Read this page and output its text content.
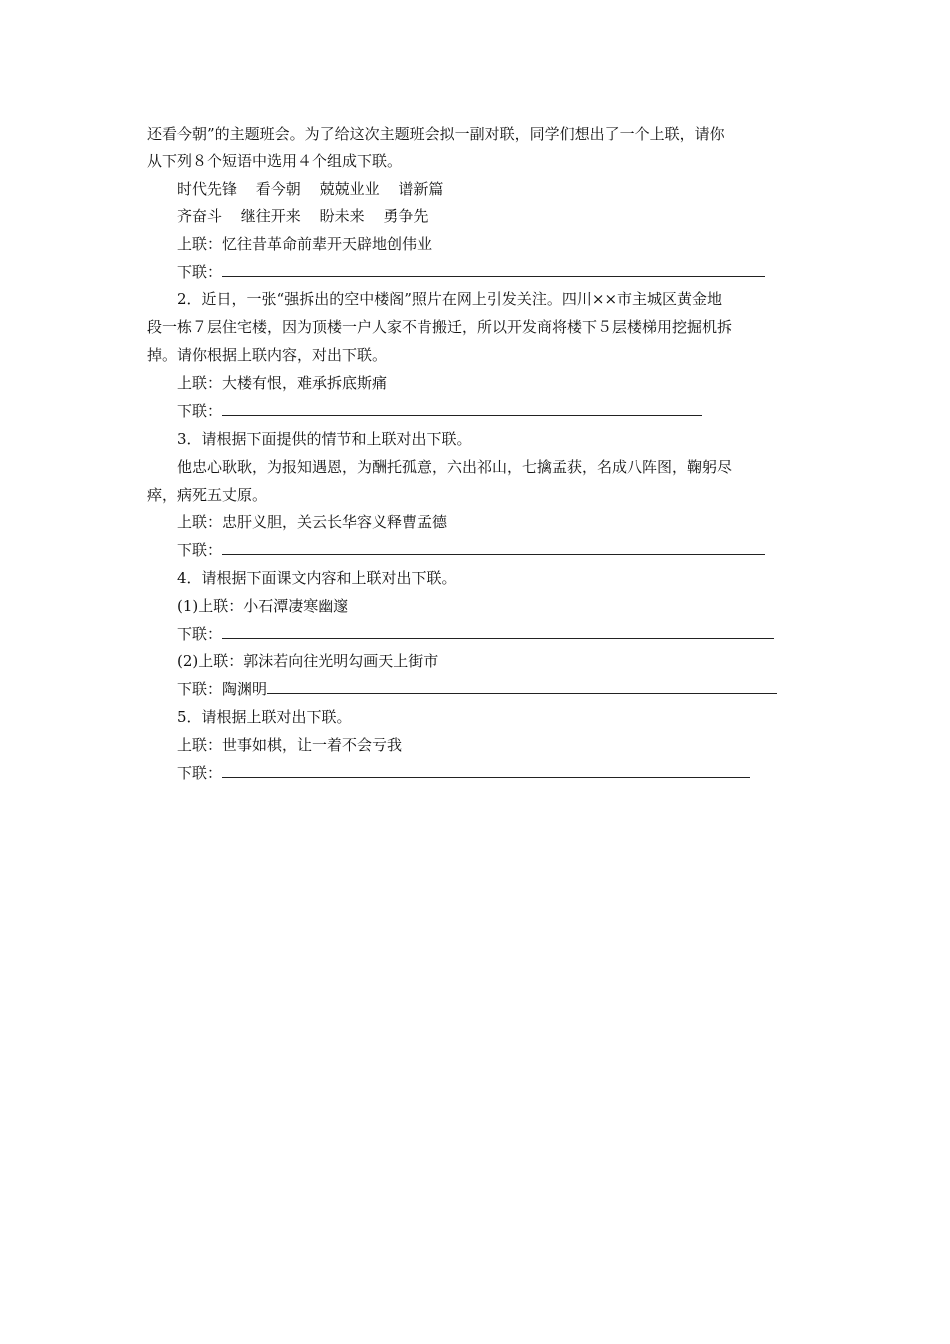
还看今朝”的主题班会。为了给这次主题班会拟一副对联，同学们想出了一个上联，请你
从下列８个短语中选用４个组成下联。
时代先锋 看今朝 兢兢业业 谱新篇
齐奋斗 继往开来 盼未来 勇争先
上联：忆往昔革命前辈开天辟地创伟业
下联：
2．近日，一张“强拆出的空中楼阁”照片在网上引发关注。四川××市主城区黄金地
段一栋７层住宅楼，因为顶楼一户人家不肯搬迁，所以开发商将楼下５层楼梯用挖掘机拆
掉。请你根据上联内容，对出下联。
上联：大楼有恨，难承拆底斯痛
下联：
3．请根据下面提供的情节和上联对出下联。
他忠心耿耿，为报知遇恩，为酬托孤意，六出祁山，七擒孟获，名成八阵图，鞠躬尽
瘁，病死五丈原。
上联：忠肝义胆，关云长华容义释曹孟德
下联：
4．请根据下面课文内容和上联对出下联。
(1)上联：小石潭凄寒幽邃
下联：
(2)上联：郭沫若向往光明勾画天上街市
下联：陶渊明
5．请根据上联对出下联。
上联：世事如棋，让一着不会亏我
下联：
